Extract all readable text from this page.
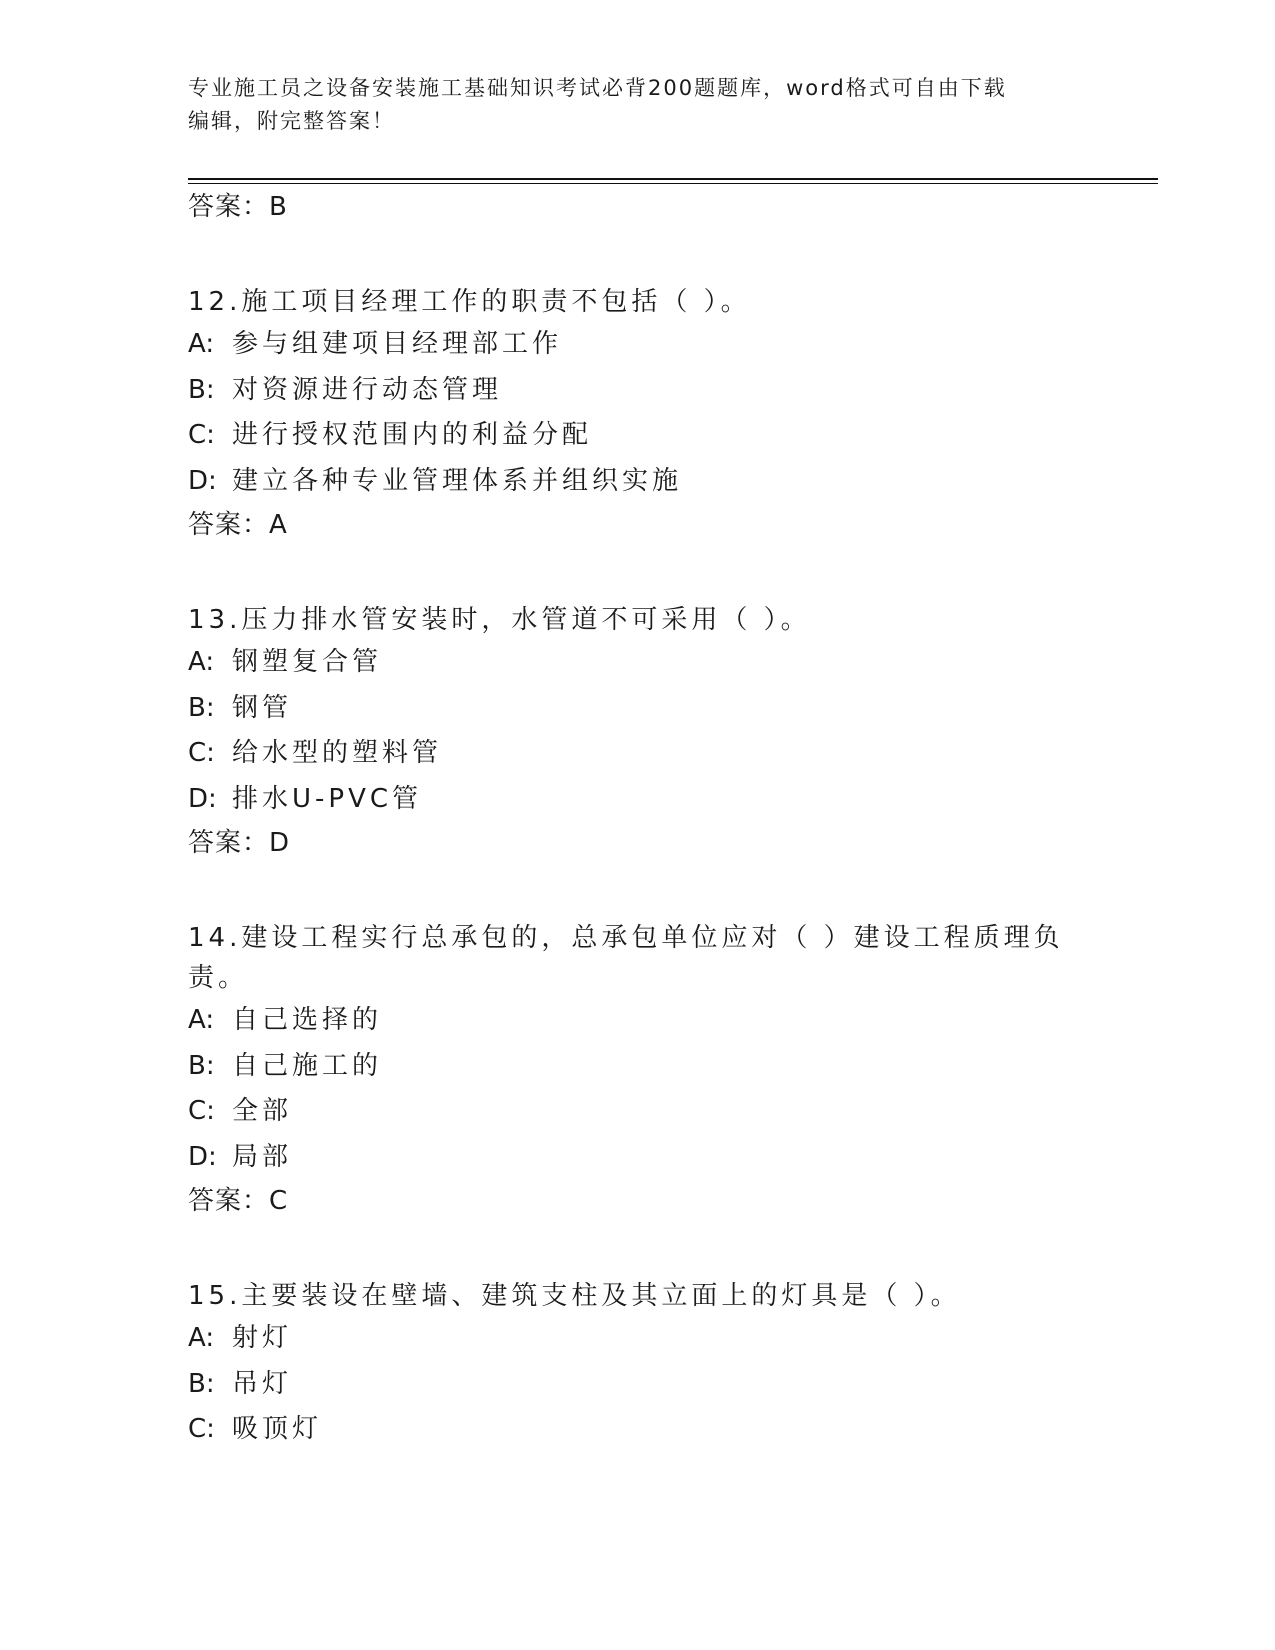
专业施工员之设备安装施工基础知识考试必背200题题库，word格式可自由下载
编辑，附完整答案！
答案：B
12.施工项目经理工作的职责不包括（ ）。
A: 参与组建项目经理部工作
B: 对资源进行动态管理
C: 进行授权范围内的利益分配
D: 建立各种专业管理体系并组织实施
答案：A
13.压力排水管安装时，水管道不可采用（ ）。
A: 钢塑复合管
B: 钢管
C: 给水型的塑料管
D: 排水U-PVC管
答案：D
14.建设工程实行总承包的，总承包单位应对（ ）建设工程质理负责。
A: 自己选择的
B: 自己施工的
C: 全部
D: 局部
答案：C
15.主要装设在壁墙、建筑支柱及其立面上的灯具是（ ）。
A: 射灯
B: 吊灯
C: 吸顶灯
